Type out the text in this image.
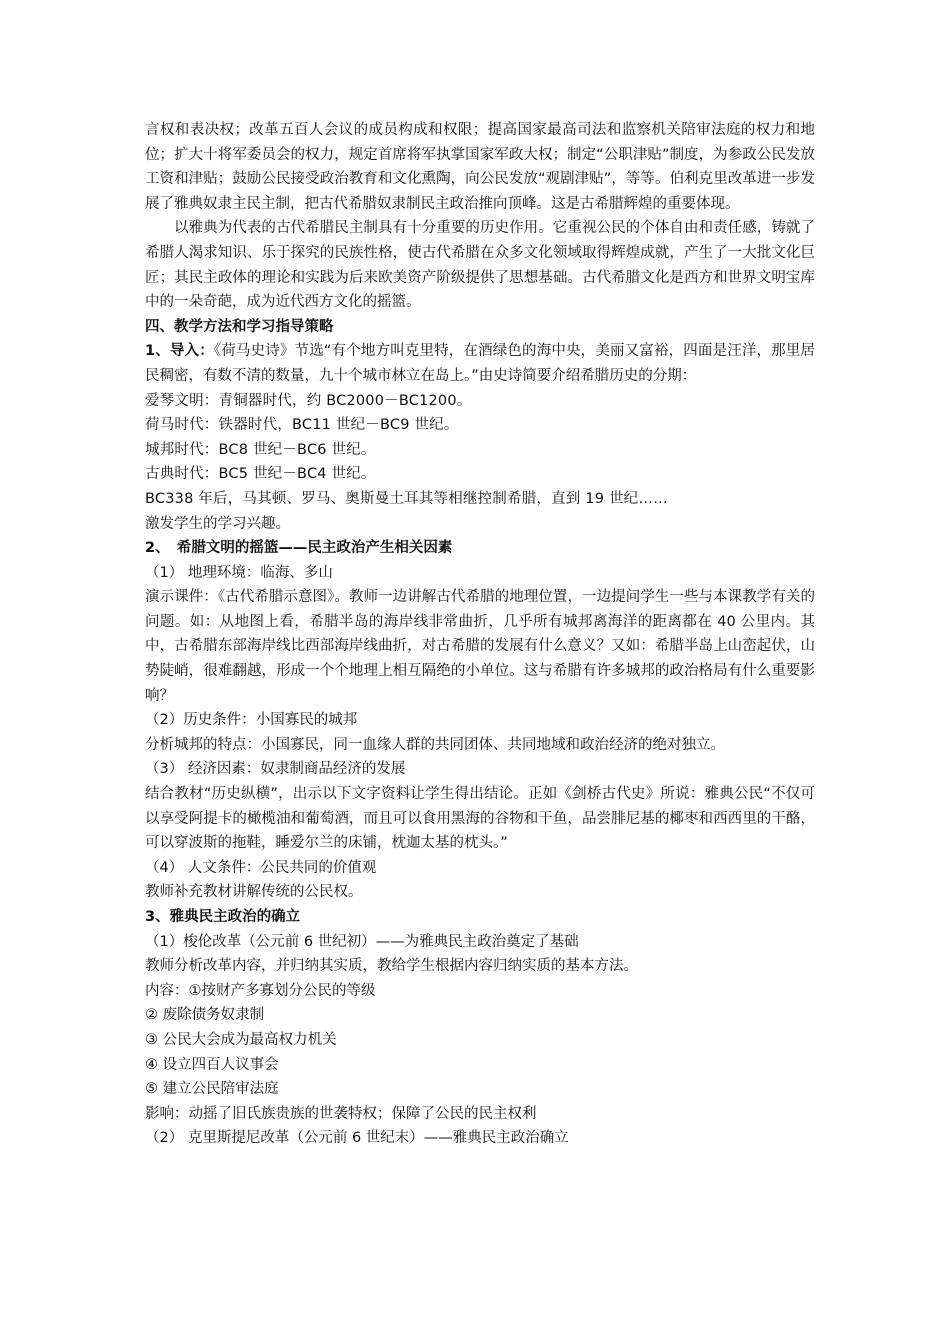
言权和表决权；改革五百人会议的成员构成和权限；提高国家最高司法和监察机关陪审法庭的权力和地位；扩大十将军委员会的权力，规定首席将军执掌国家军政大权；制定“公职津贴”制度，为参政公民发放工资和津贴；鼓励公民接受政治教育和文化熏陶，向公民发放“观剧津贴”，等等。伯利克里改革进一步发展了雅典奴隶主民主制，把古代希腊奴隶制民主政治推向顶峰。这是古希腊辉煌的重要体现。

以雅典为代表的古代希腊民主制具有十分重要的历史作用。它重视公民的个体自由和责任感，铸就了希腊人渴求知识、乐于探究的民族性格，使古代希腊在众多文化领域取得辉煌成就，产生了一大批文化巨匠；其民主政体的理论和实践为后来欧美资产阶级提供了思想基础。古代希腊文化是西方和世界文明宝库中的一朵奇葩，成为近代西方文化的摇篮。

四、教学方法和学习指导策略

1、导入：《荷马史诗》节选“有个地方叫克里特，在酒绿色的海中央，美丽又富裕，四面是汪洋，那里居民稠密，有数不清的数量，九十个城市林立在岛上。”由史诗简要介绍希腊历史的分期：

爱琴文明：青铜器时代，约 BC2000－BC1200。

荷马时代：铁器时代，BC11 世纪－BC9 世纪。

城邦时代：BC8 世纪－BC6 世纪。

古典时代：BC5 世纪－BC4 世纪。

BC338 年后，马其顿、罗马、奥斯曼土耳其等相继控制希腊，直到 19 世纪……

激发学生的学习兴趣。

2、　希腊文明的摇篮——民主政治产生相关因素

（1） 地理环境：临海、多山

演示课件：《古代希腊示意图》。教师一边讲解古代希腊的地理位置，一边提问学生一些与本课教学有关的问题。如：从地图上看，希腊半岛的海岸线非常曲折，几乎所有城邦离海洋的距离都在 40 公里内。其中，古希腊东部海岸线比西部海岸线曲折，对古希腊的发展有什么意义？又如：希腊半岛上山峦起伏，山势陡峭，很难翻越，形成一个个地理上相互隔绝的小单位。这与希腊有许多城邦的政治格局有什么重要影响？

（2）历史条件：小国寡民的城邦

分析城邦的特点：小国寡民，同一血缘人群的共同团体、共同地域和政治经济的绝对独立。

（3） 经济因素：奴隶制商品经济的发展

结合教材“历史纵横”，出示以下文字资料让学生得出结论。正如《剑桥古代史》所说：雅典公民“不仅可以享受阿提卡的橄榄油和葡萄酒，而且可以食用黑海的谷物和干鱼，品尝腓尼基的椰枣和西西里的干酪，可以穿波斯的拖鞋，睡爱尔兰的床铺，枕迦太基的枕头。”

（4） 人文条件：公民共同的价值观

教师补充教材讲解传统的公民权。

3、雅典民主政治的确立

（1）梭伦改革（公元前 6 世纪初）——为雅典民主政治奠定了基础

教师分析改革内容，并归纳其实质，教给学生根据内容归纳实质的基本方法。

内容：①按财产多寡划分公民的等级

② 废除债务奴隶制

③ 公民大会成为最高权力机关

④ 设立四百人议事会

⑤ 建立公民陪审法庭

影响：动摇了旧氏族贵族的世袭特权；保障了公民的民主权利

（2） 克里斯提尼改革（公元前 6 世纪末）——雅典民主政治确立
